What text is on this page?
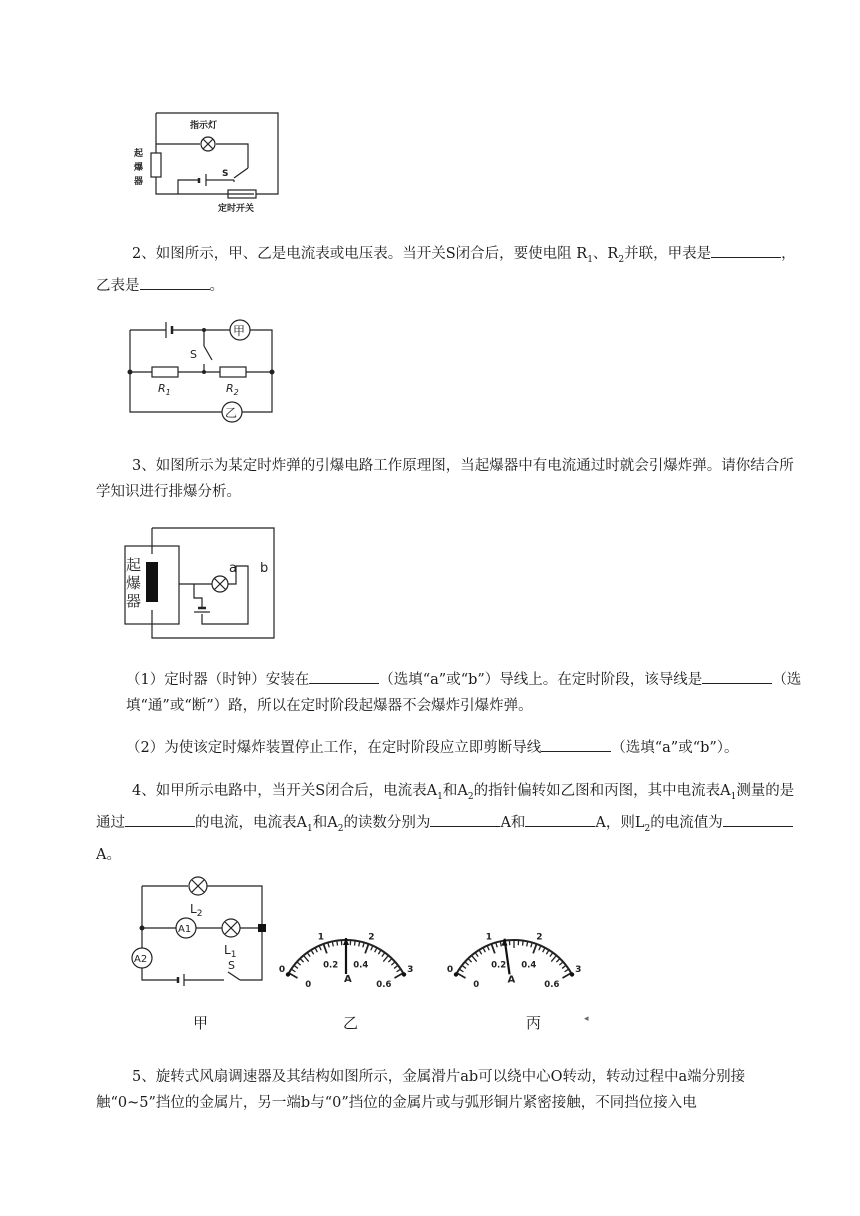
指示灯
起
爆
器
S
定时开关

2、如图所示，甲、乙是电流表或电压表。当开关S闭合后，要使电阻 $R_1$、$R_2$并联，甲表是	，乙表是	。

甲
乙
S
$R_1$	$R_2$

3、如图所示为某定时炸弹的引爆电路工作原理图，当起爆器中有电流通过时就会引爆炸弹。请你结合所学知识进行排爆分析。

起
爆
器
a b

（1）定时器（时钟）安装在	（选填“a”或“b”）导线上。在定时阶段，该导线是	（选填“通”或“断”）路，所以在定时阶段起爆器不会爆炸引爆炸弹。

（2）为使该定时爆炸装置停止工作，在定时阶段应立即剪断导线	（选填“a”或“b”）。

4、如甲所示电路中，当开关S闭合后，电流表$A_1$和$A_2$的指针偏转如乙图和丙图，其中电流表$A_1$测量的是通过	的电流，电流表$A_1$和$A_2$的读数分别为	A和	A，则$L_2$的电流值为A。

A1
A2
$L_2$
$L_1$
S	0
1	2
3
0
0.2 0.4
0.6
A
0
1	2
3
0
0.2 0.4
0.6
A
甲	乙	丙	◂

5、旋转式风扇调速器及其结构如图所示，金属滑片ab可以绕中心O转动，转动过程中a端分别接触“0~5”挡位的金属片，另一端b与“0”挡位的金属片或与弧形铜片紧密接触，不同挡位接入电
